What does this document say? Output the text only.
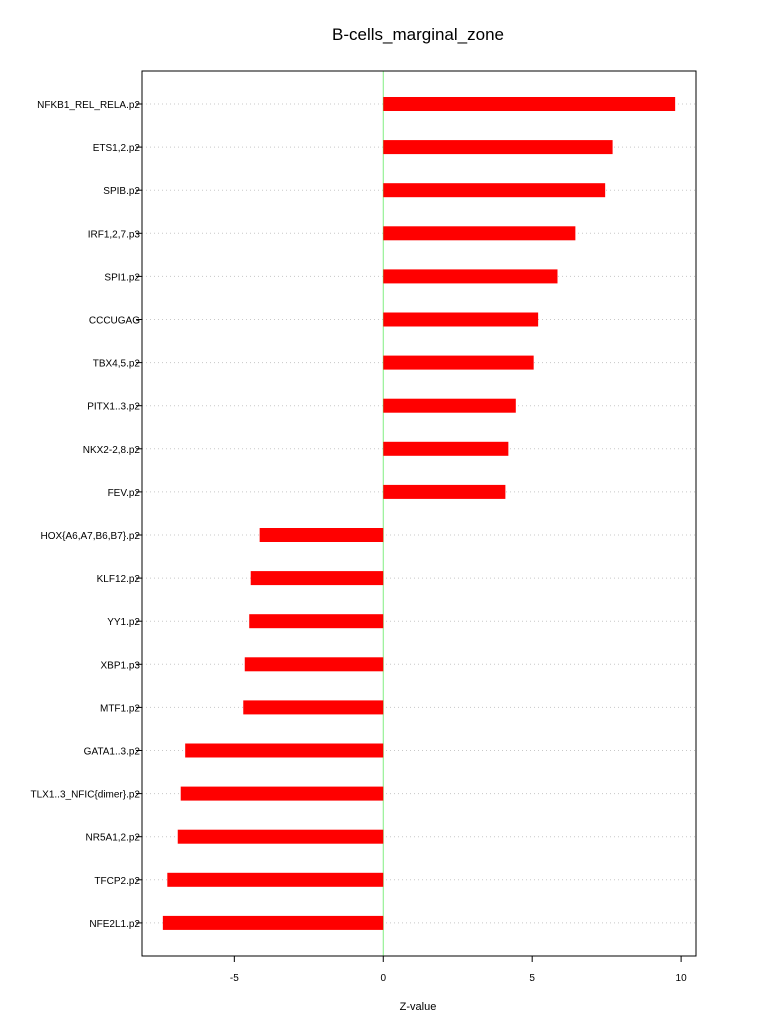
B-cells_marginal_zone
NFKB1_REL_RELA.p2
ETS1,2.p2
SPIB.p2
IRF1,2,7.p3
SPI1.p2
CCCUGAG
TBX4,5.p2
PITX1..3.p2
NKX2-2,8.p2
FEV.p2
HOX{A6,A7,B6,B7}.p2
KLF12.p2
YY1.p2
XBP1.p3
MTF1.p2
GATA1..3.p2
TLX1..3_NFIC{dimer}.p2
NR5A1,2.p2
TFCP2.p2
NFE2L1.p2
-5	0	5	10
Z-value
